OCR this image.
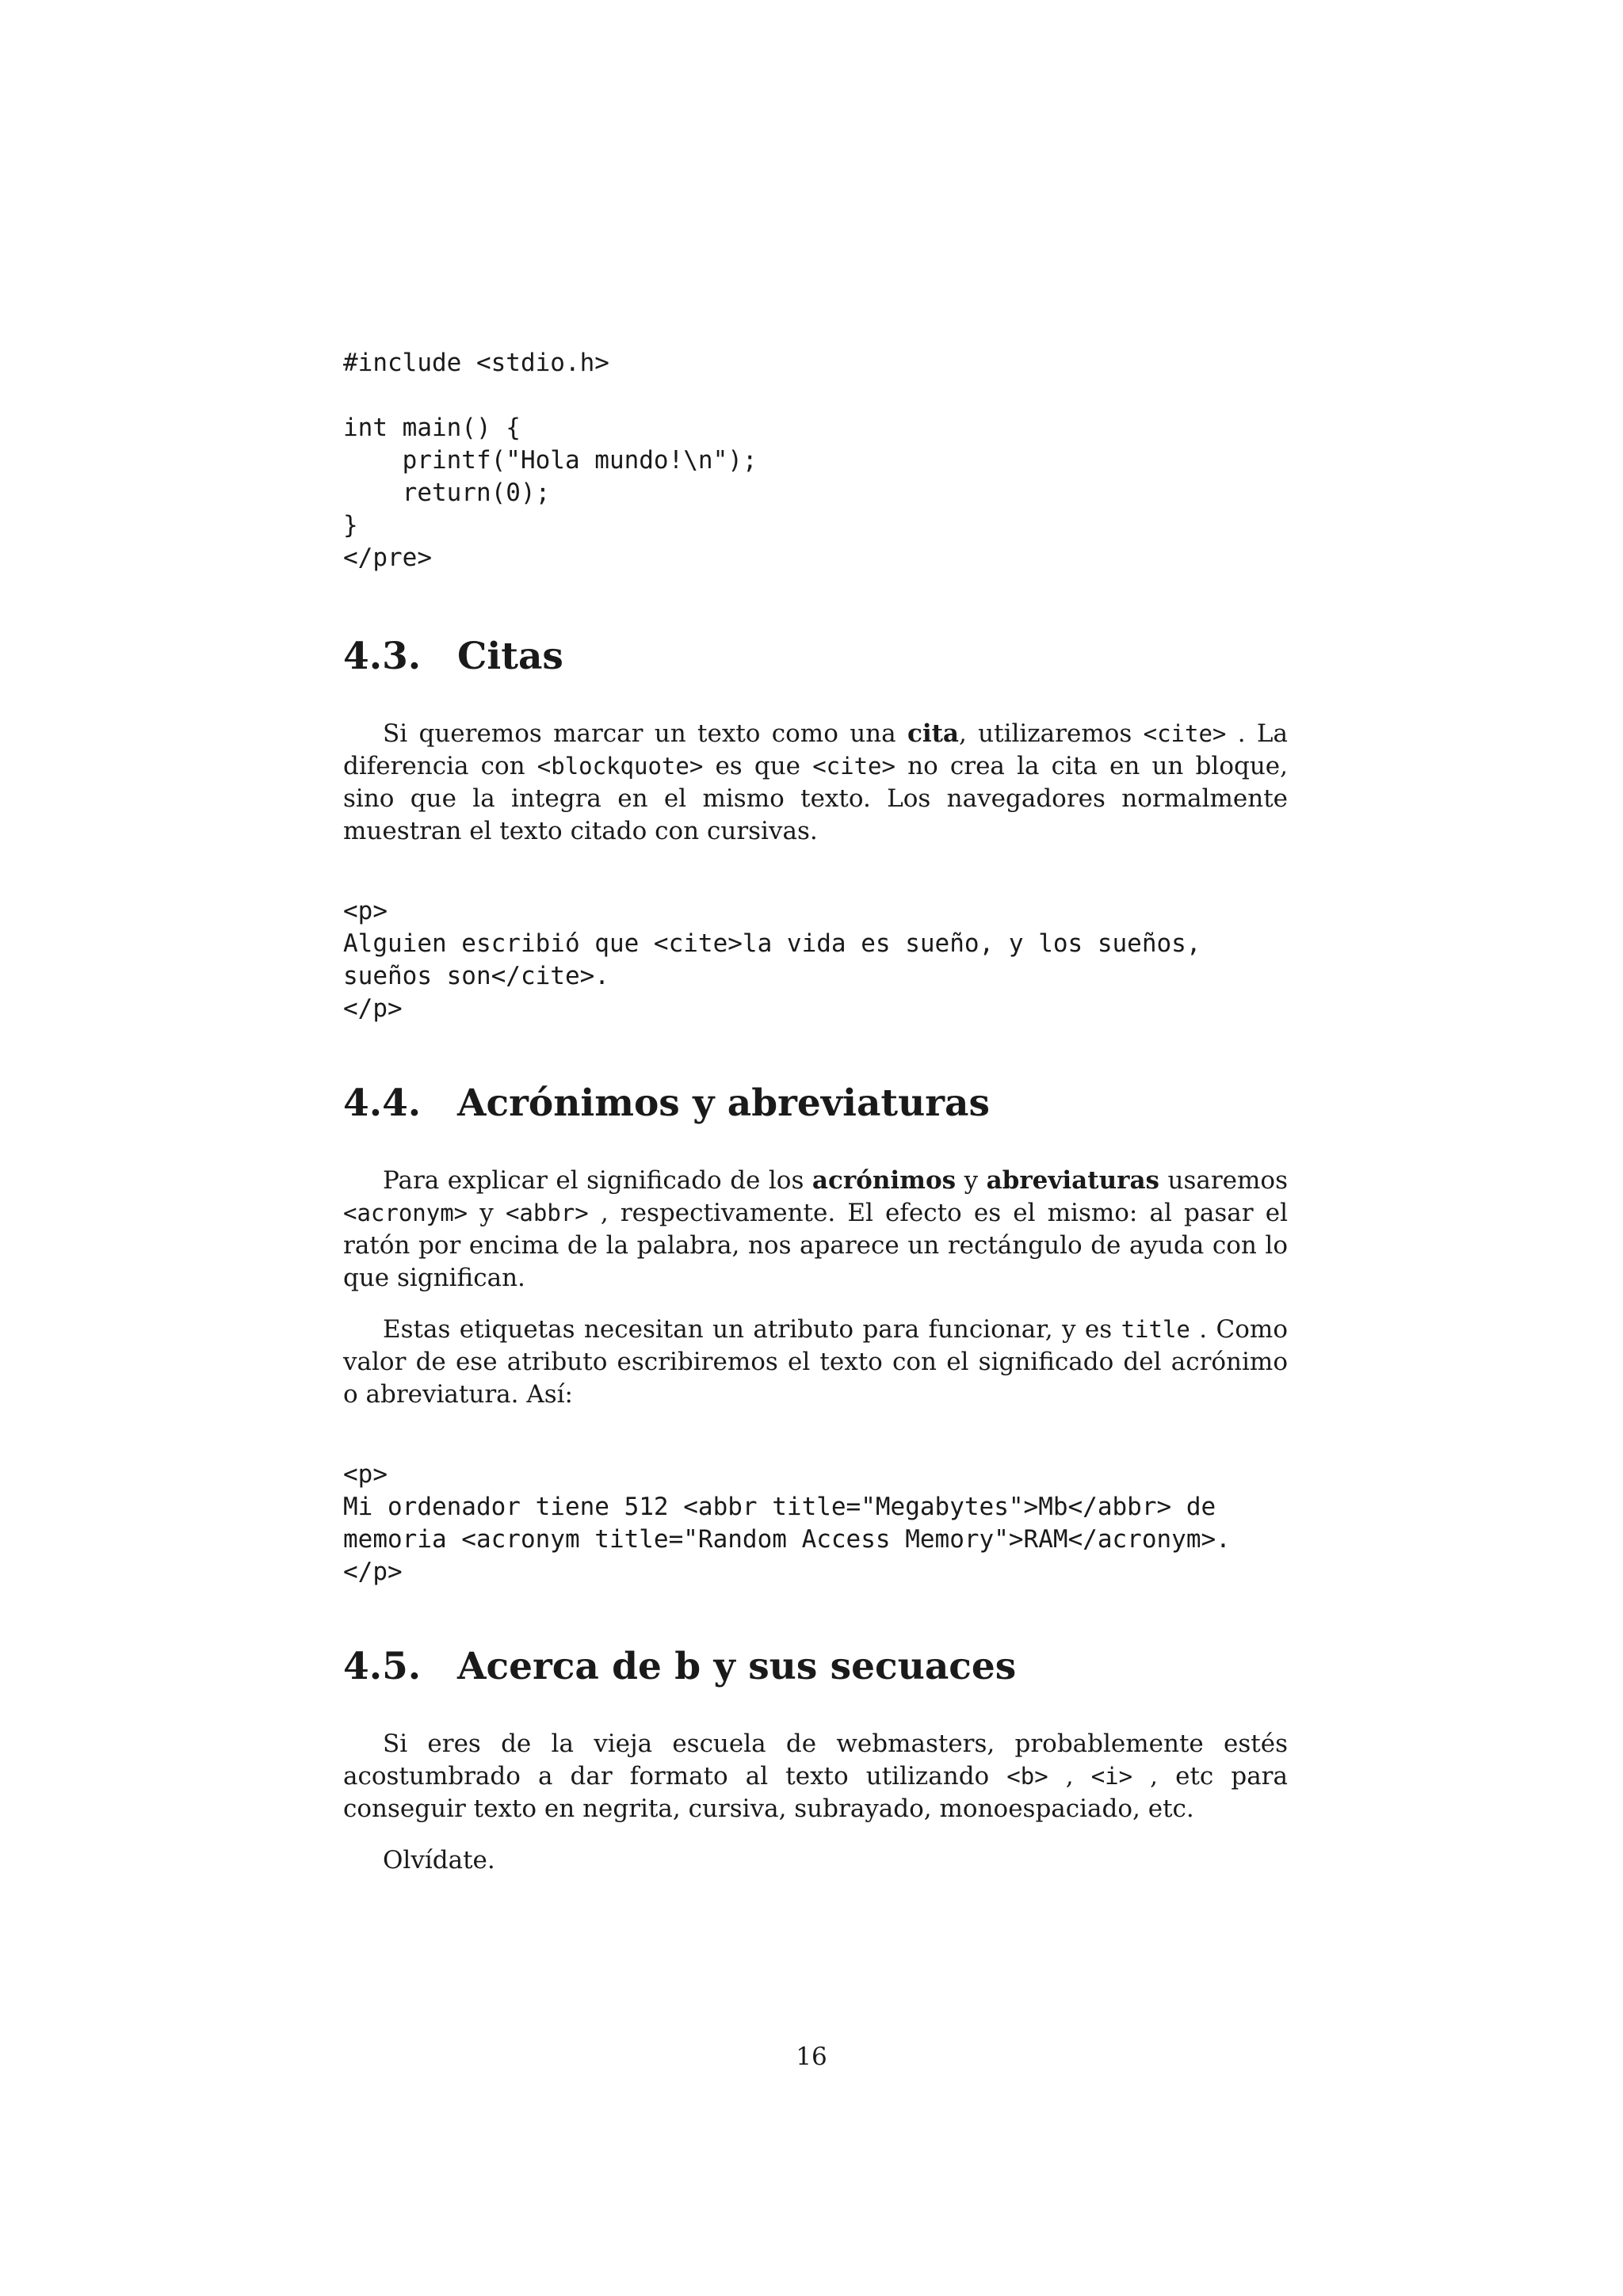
#include <stdio.h>

int main() {
printf("Hola mundo!\n");
return(0);
}
</pre>
4.3. Citas

Si queremos marcar un texto como una cita, utilizaremos <cite> . La diferencia con <blockquote> es que <cite> no crea la cita en un bloque, sino que la integra en el mismo texto. Los navegadores normalmente muestran el texto citado con cursivas.

<p>
Alguien escribió que <cite>la vida es sueño, y los sueños,
sueños son</cite>.
</p>
4.4. Acrónimos y abreviaturas

Para explicar el significado de los acrónimos y abreviaturas usaremos <acronym> y <abbr> , respectivamente. El efecto es el mismo: al pasar el ratón por encima de la palabra, nos aparece un rectángulo de ayuda con lo que significan.

Estas etiquetas necesitan un atributo para funcionar, y es title . Como valor de ese atributo escribiremos el texto con el significado del acrónimo o abreviatura. Así:

<p>
Mi ordenador tiene 512 <abbr title="Megabytes">Mb</abbr> de
memoria <acronym title="Random Access Memory">RAM</acronym>.
</p>
4.5. Acerca de b y sus secuaces

Si eres de la vieja escuela de webmasters, probablemente estés acostumbrado a dar formato al texto utilizando <b> , <i> , etc para conseguir texto en negrita, cursiva, subrayado, monoespaciado, etc.

Olvídate.

16
